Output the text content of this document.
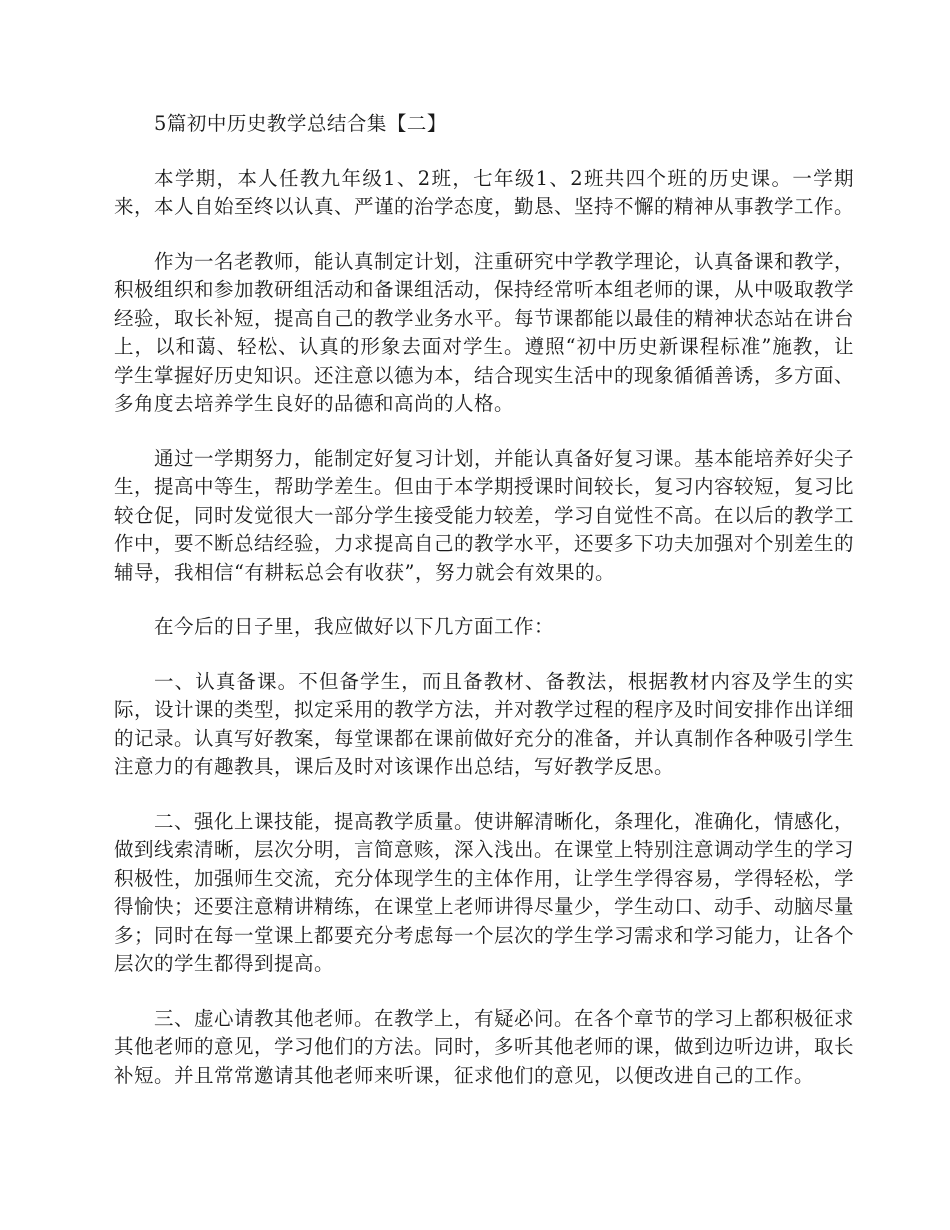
5篇初中历史教学总结合集【二】

本学期，本人任教九年级1、2班，七年级1、2班共四个班的历史课。一学期来，本人自始至终以认真、严谨的治学态度，勤恳、坚持不懈的精神从事教学工作。

作为一名老教师，能认真制定计划，注重研究中学教学理论，认真备课和教学，积极组织和参加教研组活动和备课组活动，保持经常听本组老师的课，从中吸取教学经验，取长补短，提高自己的教学业务水平。每节课都能以最佳的精神状态站在讲台上，以和蔼、轻松、认真的形象去面对学生。遵照“初中历史新课程标准”施教，让学生掌握好历史知识。还注意以德为本，结合现实生活中的现象循循善诱，多方面、多角度去培养学生良好的品德和高尚的人格。

通过一学期努力，能制定好复习计划，并能认真备好复习课。基本能培养好尖子生，提高中等生，帮助学差生。但由于本学期授课时间较长，复习内容较短，复习比较仓促，同时发觉很大一部分学生接受能力较差，学习自觉性不高。在以后的教学工作中，要不断总结经验，力求提高自己的教学水平，还要多下功夫加强对个别差生的辅导，我相信“有耕耘总会有收获”，努力就会有效果的。

在今后的日子里，我应做好以下几方面工作：

一、认真备课。不但备学生，而且备教材、备教法，根据教材内容及学生的实际，设计课的类型，拟定采用的教学方法，并对教学过程的程序及时间安排作出详细的记录。认真写好教案，每堂课都在课前做好充分的准备，并认真制作各种吸引学生注意力的有趣教具，课后及时对该课作出总结，写好教学反思。

二、强化上课技能，提高教学质量。使讲解清晰化，条理化，准确化，情感化，做到线索清晰，层次分明，言简意赅，深入浅出。在课堂上特别注意调动学生的学习积极性，加强师生交流，充分体现学生的主体作用，让学生学得容易，学得轻松，学得愉快；还要注意精讲精练，在课堂上老师讲得尽量少，学生动口、动手、动脑尽量多；同时在每一堂课上都要充分考虑每一个层次的学生学习需求和学习能力，让各个层次的学生都得到提高。

三、虚心请教其他老师。在教学上，有疑必问。在各个章节的学习上都积极征求其他老师的意见，学习他们的方法。同时，多听其他老师的课，做到边听边讲，取长补短。并且常常邀请其他老师来听课，征求他们的意见，以便改进自己的工作。
